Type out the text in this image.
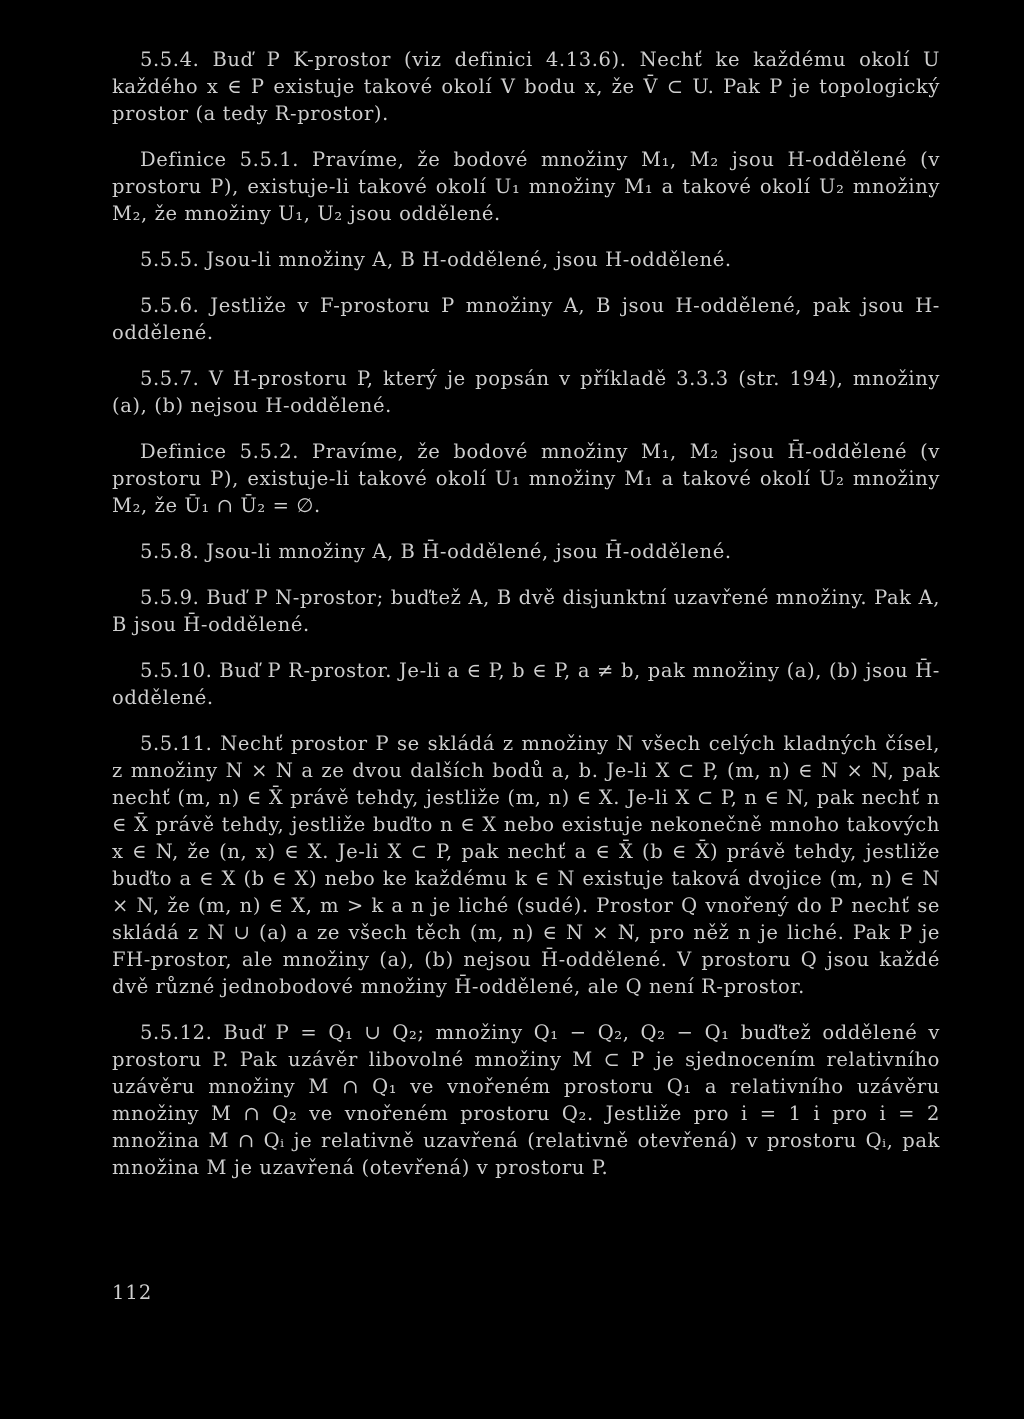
5.5.4. Buď P K-prostor (viz definici 4.13.6). Nechť ke každému okolí U každého x ∈ P existuje takové okolí V bodu x, že V̄ ⊂ U. Pak P je topologický prostor (a tedy R-prostor).

Definice 5.5.1. Pravíme, že bodové množiny M₁, M₂ jsou H-oddělené (v prostoru P), existuje-li takové okolí U₁ množiny M₁ a takové okolí U₂ množiny M₂, že množiny U₁, U₂ jsou oddělené.

5.5.5. Jsou-li množiny A, B H-oddělené, jsou H-oddělené.

5.5.6. Jestliže v F-prostoru P množiny A, B jsou H-oddělené, pak jsou H-oddělené.

5.5.7. V H-prostoru P, který je popsán v příkladě 3.3.3 (str. 194), množiny (a), (b) nejsou H-oddělené.

Definice 5.5.2. Pravíme, že bodové množiny M₁, M₂ jsou H̄-oddělené (v prostoru P), existuje-li takové okolí U₁ množiny M₁ a takové okolí U₂ množiny M₂, že Ū₁ ∩ Ū₂ = ∅.

5.5.8. Jsou-li množiny A, B H̄-oddělené, jsou H̄-oddělené.

5.5.9. Buď P N-prostor; buďtež A, B dvě disjunktní uzavřené množiny. Pak A, B jsou H̄-oddělené.

5.5.10. Buď P R-prostor. Je-li a ∈ P, b ∈ P, a ≠ b, pak množiny (a), (b) jsou H̄-oddělené.

5.5.11. Nechť prostor P se skládá z množiny N všech celých kladných čísel, z množiny N × N a ze dvou dalších bodů a, b. Je-li X ⊂ P, (m, n) ∈ N × N, pak nechť (m, n) ∈ X̄ právě tehdy, jestliže (m, n) ∈ X. Je-li X ⊂ P, n ∈ N, pak nechť n ∈ X̄ právě tehdy, jestliže buďto n ∈ X nebo existuje nekonečně mnoho takových x ∈ N, že (n, x) ∈ X. Je-li X ⊂ P, pak nechť a ∈ X̄ (b ∈ X̄) právě tehdy, jestliže buďto a ∈ X (b ∈ X) nebo ke každému k ∈ N existuje taková dvojice (m, n) ∈ N × N, že (m, n) ∈ X, m > k a n je liché (sudé). Prostor Q vnořený do P nechť se skládá z N ∪ (a) a ze všech těch (m, n) ∈ N × N, pro něž n je liché. Pak P je FH-prostor, ale množiny (a), (b) nejsou H̄-oddělené. V prostoru Q jsou každé dvě různé jednobodové množiny H̄-oddělené, ale Q není R-prostor.

5.5.12. Buď P = Q₁ ∪ Q₂; množiny Q₁ − Q₂, Q₂ − Q₁ buďtež oddělené v prostoru P. Pak uzávěr libovolné množiny M ⊂ P je sjednocením relativního uzávěru množiny M ∩ Q₁ ve vnořeném prostoru Q₁ a relativního uzávěru množiny M ∩ Q₂ ve vnořeném prostoru Q₂. Jestliže pro i = 1 i pro i = 2 množina M ∩ Qᵢ je relativně uzavřená (relativně otevřená) v prostoru Qᵢ, pak množina M je uzavřená (otevřená) v prostoru P.

112
